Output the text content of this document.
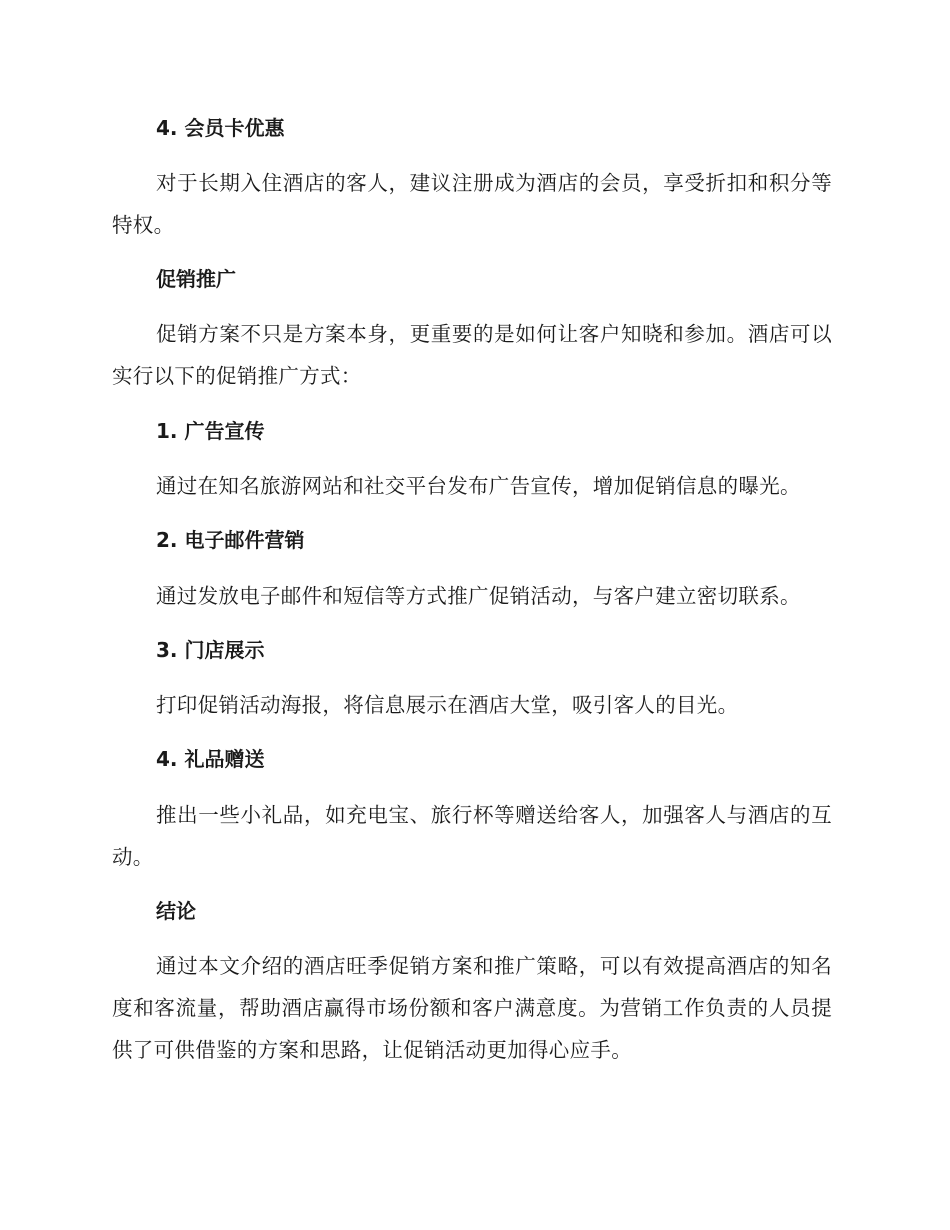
4. 会员卡优惠

对于长期入住酒店的客人，建议注册成为酒店的会员，享受折扣和积分等特权。

促销推广

促销方案不只是方案本身，更重要的是如何让客户知晓和参加。酒店可以实行以下的促销推广方式：

1. 广告宣传

通过在知名旅游网站和社交平台发布广告宣传，增加促销信息的曝光。

2. 电子邮件营销

通过发放电子邮件和短信等方式推广促销活动，与客户建立密切联系。

3. 门店展示

打印促销活动海报，将信息展示在酒店大堂，吸引客人的目光。

4. 礼品赠送

推出一些小礼品，如充电宝、旅行杯等赠送给客人，加强客人与酒店的互动。

结论

通过本文介绍的酒店旺季促销方案和推广策略，可以有效提高酒店的知名度和客流量，帮助酒店赢得市场份额和客户满意度。为营销工作负责的人员提供了可供借鉴的方案和思路，让促销活动更加得心应手。
